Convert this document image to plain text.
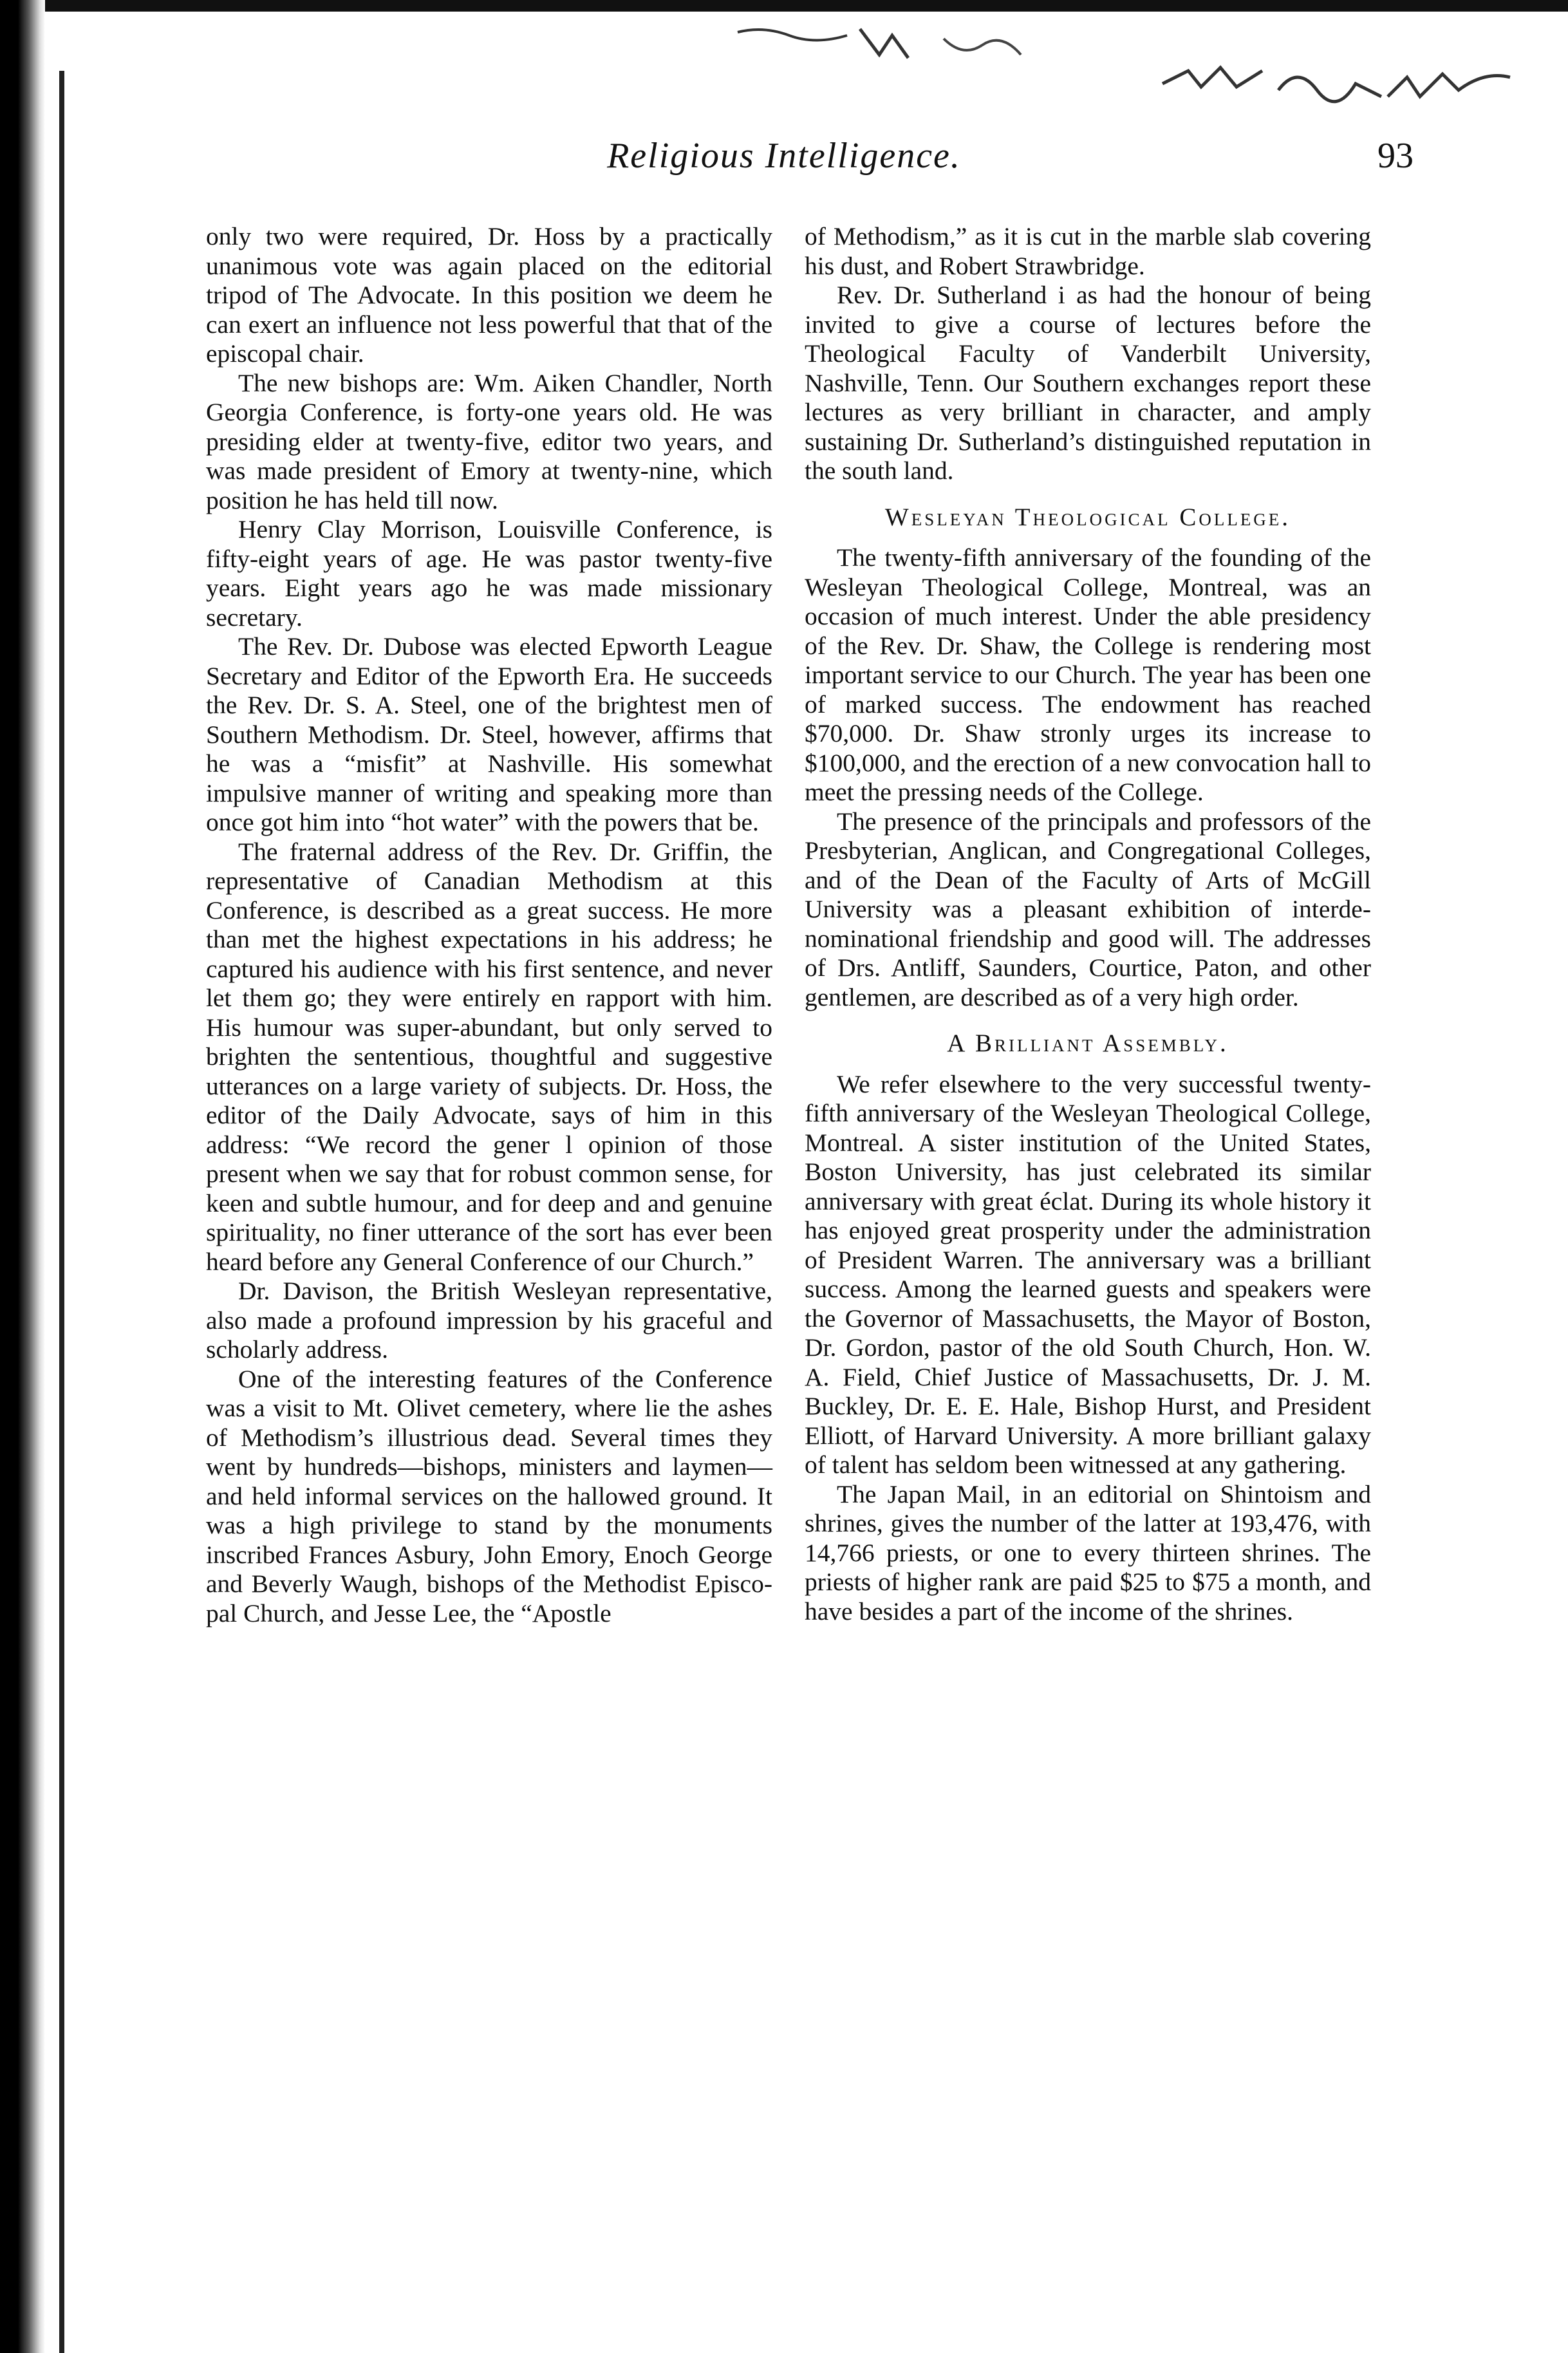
Religious Intelligence.	93

only two were required, Dr. Hoss by a practically unanimous vote was again placed on the editorial tripod of The Advocate. In this position we deem he can exert an influence not less powerful that that of the episcopal chair.

The new bishops are: Wm. Aiken Chandler, North Georgia Conference, is forty-one years old. He was presiding elder at twenty-five, editor two years, and was made president of Emory at twenty-nine, which position he has held till now.

Henry Clay Morrison, Louisville Conference, is fifty-eight years of age. He was pastor twenty-five years. Eight years ago he was made missionary secretary.

The Rev. Dr. Dubose was elected Epworth League Secretary and Editor of the Epworth Era. He succeeds the Rev. Dr. S. A. Steel, one of the brightest men of Southern Methodism. Dr. Steel, however, affirms that he was a “misfit” at Nashville. His somewhat impulsive manner of writing and speaking more than once got him into “hot water” with the powers that be.

The fraternal address of the Rev. Dr. Griffin, the representative of Canadian Methodism at this Conference, is described as a great success. He more than met the highest expectations in his address; he captured his audience with his first sentence, and never let them go; they were entirely en rapport with him. His humour was super-abundant, but only served to brighten the sententious, thoughtful and suggestive utterances on a large variety of subjects. Dr. Hoss, the editor of the Daily Advocate, says of him in this address: “We record the gener l opinion of those present when we say that for robust common sense, for keen and subtle humour, and for deep and and genuine spirituality, no finer utterance of the sort has ever been heard before any General Conference of our Church.”

Dr. Davison, the British Wesleyan representative, also made a profound impression by his graceful and scholarly address.

One of the interesting features of the Conference was a visit to Mt. Olivet cemetery, where lie the ashes of Methodism’s illustrious dead. Several times they went by hundreds—bishops, ministers and laymen—and held informal services on the hallowed ground. It was a high privilege to stand by the monuments inscribed Frances Asbury, John Emory, Enoch George and Beverly Waugh, bishops of the Methodist Episcopal Church, and Jesse Lee, the “Apostle

of Methodism,” as it is cut in the marble slab covering his dust, and Robert Strawbridge.

Rev. Dr. Sutherland i as had the honour of being invited to give a course of lectures before the Theological Faculty of Vanderbilt University, Nashville, Tenn. Our Southern exchanges report these lectures as very brilliant in character, and amply sustaining Dr. Sutherland’s distinguished reputation in the south land.

Wesleyan Theological College.

The twenty-fifth anniversary of the founding of the Wesleyan Theological College, Montreal, was an occasion of much interest. Under the able presidency of the Rev. Dr. Shaw, the College is rendering most important service to our Church. The year has been one of marked success. The endowment has reached $70,000. Dr. Shaw stronly urges its increase to $100,000, and the erection of a new convocation hall to meet the pressing needs of the College.

The presence of the principals and professors of the Presbyterian, Anglican, and Congregational Colleges, and of the Dean of the Faculty of Arts of McGill University was a pleasant exhibition of interdenominational friendship and good will. The addresses of Drs. Antliff, Saunders, Courtice, Paton, and other gentlemen, are described as of a very high order.

A Brilliant Assembly.

We refer elsewhere to the very successful twenty-fifth anniversary of the Wesleyan Theological College, Montreal. A sister institution of the United States, Boston University, has just celebrated its similar anniversary with great éclat. During its whole history it has enjoyed great prosperity under the administration of President Warren. The anniversary was a brilliant success. Among the learned guests and speakers were the Governor of Massachusetts, the Mayor of Boston, Dr. Gordon, pastor of the old South Church, Hon. W. A. Field, Chief Justice of Massachusetts, Dr. J. M. Buckley, Dr. E. E. Hale, Bishop Hurst, and President Elliott, of Harvard University. A more brilliant galaxy of talent has seldom been witnessed at any gathering.

The Japan Mail, in an editorial on Shintoism and shrines, gives the number of the latter at 193,476, with 14,766 priests, or one to every thirteen shrines. The priests of higher rank are paid $25 to $75 a month, and have besides a part of the income of the shrines.
